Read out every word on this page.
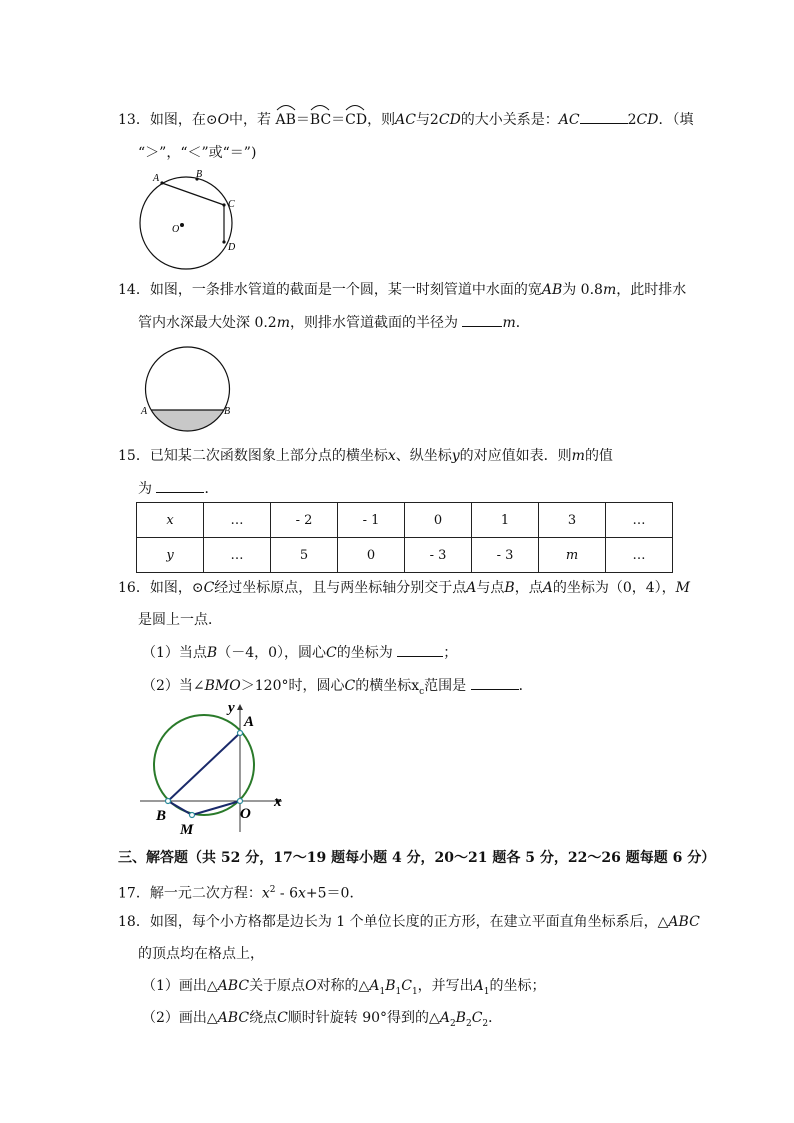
13．如图，在⊙O中，若 AB＝
BC＝
CD，则AC与2CD的大小关系是：AC	2CD．（填
“＞”，“＜”或“＝”)
A	B
C
D
O
14．如图，一条排水管道的截面是一个圆，某一时刻管道中水面的宽AB为 0.8m，此时排水
管内水深最大处深 0.2m，则排水管道截面的半径为	m．
A	B
15．已知某二次函数图象上部分点的横坐标x、纵坐标y的对应值如表．则m的值
为	．
x	…	- 2	- 1	0	1	3	…
y	…	5	0	- 3	- 3	m	…
16．如图，⊙C经过坐标原点，且与两坐标轴分别交于点A与点B，点A的坐标为（0，4），M
是圆上一点．
（1）当点B（－4，0），圆心C的坐标为	；
（2）当∠BMO＞120°时，圆心C的横坐标$x_c$范围是	．
A
y
x
B
M
O
三、解答题（共 52 分，17～19 题每小题 4 分，20～21 题各 5 分，22～26 题每题 6 分）
17．解一元二次方程：$x^2 - 6x+5=0$．
18．如图，每个小方格都是边长为 1 个单位长度的正方形，在建立平面直角坐标系后，△ABC
的顶点均在格点上，
（1）画出△ABC关于原点O对称的$\triangle A_1B_1C_1$，并写出$A_1$的坐标；
（2）画出△ABC绕点C顺时针旋转 90°得到的$\triangle A_2B_2C_2$．
